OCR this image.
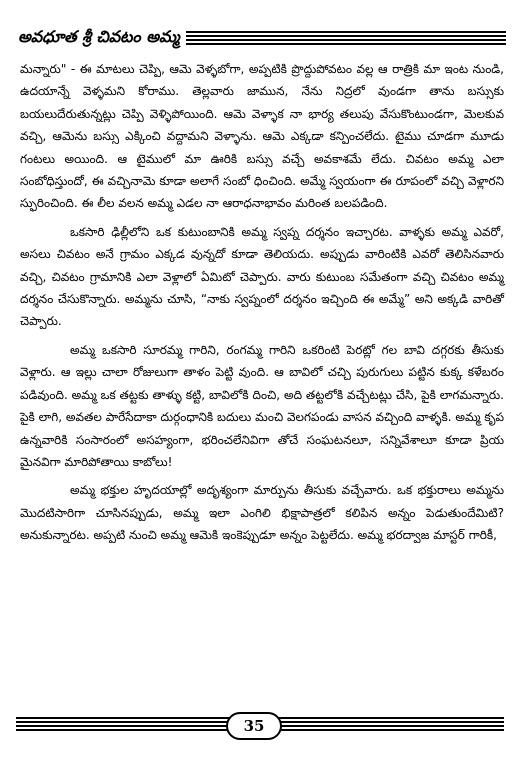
అవధూత శ్రీ చివటం అమ్మ

మన్నారు" - ఈ మాటలు చెప్పి, ఆమె వెళ్ళబోగా, అప్పటికి ప్రొద్దుపోవటం వల్ల ఆ రాత్రికి మా ఇంట నుండి, ఉదయాన్నే వెళ్ళమని కోరాము. తెల్లవారు జామున, నేను నిద్రలో వుండగా తాను బస్సుకు బయలుదేరుతున్నట్లు చెప్పి వెళ్ళిపోయింది. ఆమె వెళ్ళాక నా భార్య తలుపు వేసుకొంటుండగా, మెలకువ వచ్చి, ఆమెను బస్సు ఎక్కించి వద్దామని వెళ్ళాను. ఆమె ఎక్కడా కన్పించలేదు. టైము చూడగా మూడు గంటలు అయింది. ఆ టైములో మా ఊరికి బస్సు వచ్చే అవకాశమే లేదు. చివటం అమ్మ ఎలా సంబోధిస్తుందో, ఈ వచ్చినామె కూడా అలాగే సంబో ధించింది. అమ్మే స్వయంగా ఈ రూపంలో వచ్చి వెళ్లారని స్ఫురించింది. ఈ లీల వలన అమ్మ ఎడల నా ఆరాధనాభావం మరింత బలపడింది.

ఒకసారి ఢిల్లీలోని ఒక కుటుంబానికి అమ్మ స్వప్న దర్శనం ఇచ్చారట. వాళ్ళకు అమ్మ ఎవరో, అసలు చివటం అనే గ్రామం ఎక్కడ వున్నదో కూడా తెలియదు. అప్పుడు వారింటికి ఎవరో తెలిసినవారు వచ్చి, చివటం గ్రామానికి ఎలా వెళ్లాలో ఏమిటో చెప్పారు. వారు కుటుంబ సమేతంగా వచ్చి చివటం అమ్మ దర్శనం చేసుకొన్నారు. అమ్మను చూసి, “నాకు స్వప్నంలో దర్శనం ఇచ్చింది ఈ అమ్మే” అని అక్కడి వారితో చెప్పారు.

అమ్మ ఒకసారి సూరమ్మ గారిని, రంగమ్మ గారిని ఒకరింటి పెరట్లో గల బావి దగ్గరకు తీసుకు వెళ్లారు. ఆ ఇల్లు చాలా రోజులుగా తాళం పెట్టి వుంది. ఆ బావిలో చచ్చి పురుగులు పట్టిన కుక్క కళేబరం పడివుంది. అమ్మ ఒక తట్టకు తాళ్ళు కట్టి, బావిలోకి దించి, అది తట్టలోకి వచ్చేటట్లు చేసి, పైకి లాగమన్నారు. పైకి లాగి, అవతల పారేసేదాకా దుర్గంధానికి బదులు మంచి వెలగపండు వాసన వచ్చింది వాళ్ళకి. అమ్మ కృప ఉన్నవారికి సంసారంలో అసహ్యంగా, భరించలేనివిగా తోచే సంఘటనలూ, సన్నివేశాలూ కూడా ప్రియ మైనవిగా మారిపోతాయి కాబోలు!

అమ్మ భక్తుల హృదయాల్లో అదృశ్యంగా మార్పును తీసుకు వచ్చేవారు. ఒక భక్తురాలు అమ్మను మొదటిసారిగా చూసినప్పుడు, అమ్మ ఇలా ఎంగిలి భిక్షాపాత్రలో కలిపిన అన్నం పెడుతుందేమిటి? అనుకున్నారట. అప్పటి నుంచి అమ్మ ఆమెకి ఇంకెప్పుడూ అన్నం పెట్టలేదు. అమ్మ భరద్వాజ మాస్టర్ గారికీ,

35
